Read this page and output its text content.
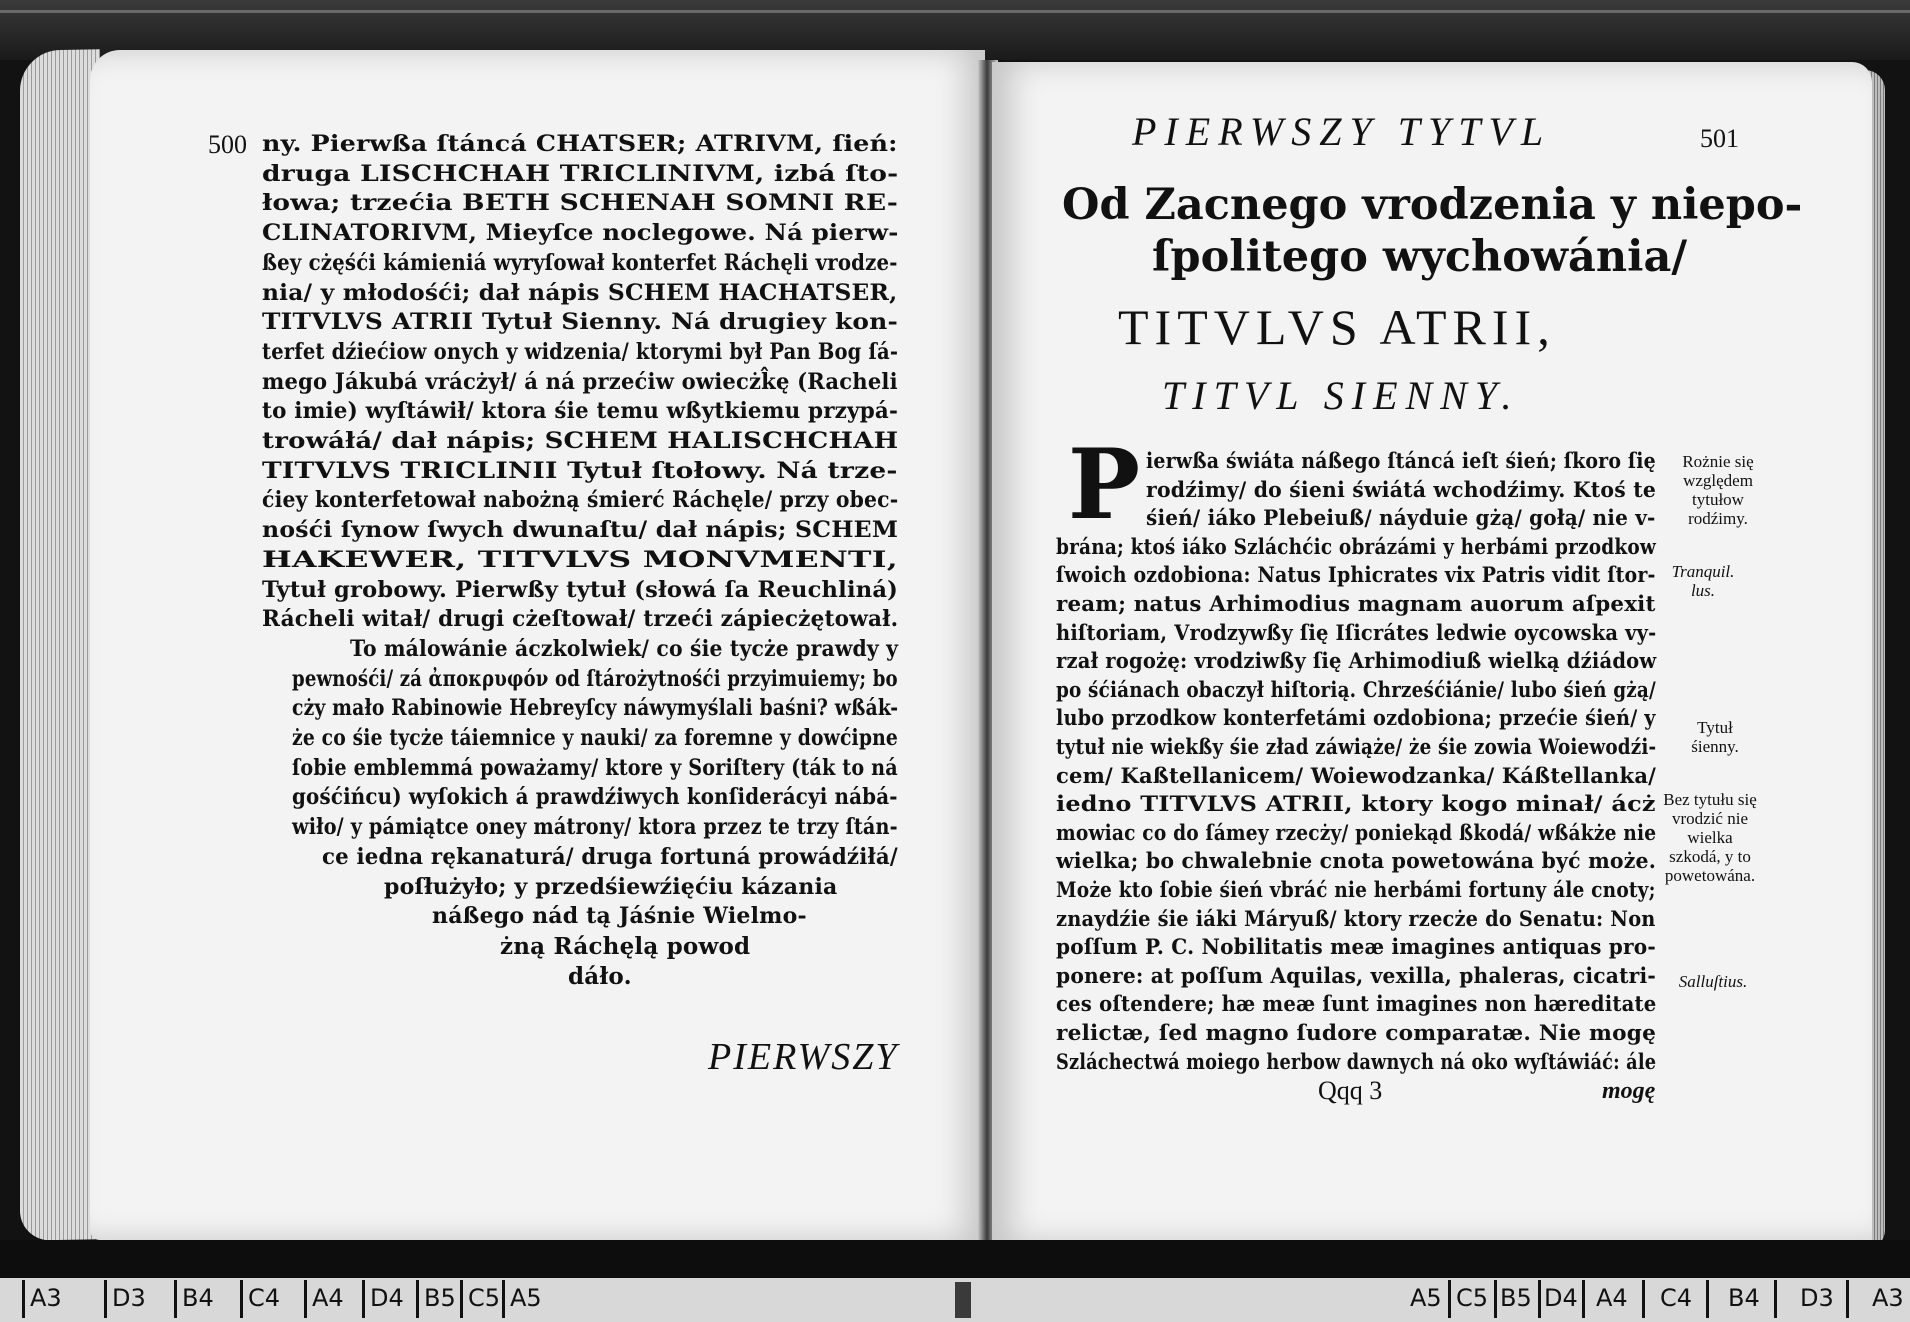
500 ny. Pierwßa ſtáncá CHATSER; ATRIVM, ſień:
druga LISCHCHAH TRICLINIVM, izbá ſto-
łowa; trzećia BETH SCHENAH SOMNI RE-
CLINATORIVM, Mieyſce noclegowe. Ná pierw-
ßey cżęśći kámieniá wyryſował konterfet Ráchęli vrodze-
nia/ y młodośći; dał nápis SCHEM HACHATSER,
TITVLVS ATRII Tytuł Sienny. Ná drugiey kon-
terfet dźiećiow onych y widzenia/ ktorymi był Pan Bog ſá-
mego Jákubá vrácżył/ á ná przećiw owiecżk̂ę (Racheli
to imie) wyſtáwił/ ktora śie temu wßytkiemu przypá-
trowáłá/ dał nápis; SCHEM HALISCHCHAH
TITVLVS TRICLINII Tytuł ſtołowy. Ná trze-
ćiey konterfetował nabożną śmierć Ráchęle/ przy obec-
nośći ſynow ſwych dwunaſtu/ dał nápis; SCHEM
HAKEWER, TITVLVS MONVMENTI,
Tytuł grobowy. Pierwßy tytuł (słowá ſa Reuchliná)
Rácheli witał/ drugi cżeſtował/ trzeći zápiecżętował.
To málowánie áczkolwiek/ co śie tycże prawdy y
pewnośći/ zá ἀποκρυφόν od ſtárożytnośći przyimuiemy; bo
cży mało Rabinowie Hebreyſcy náwymyślali baśni? wßák-
że co śie tycże táiemnice y nauki/ za foremne y dowćipne
ſobie emblemmá poważamy/ ktore y Soriſtery (ták to ná
gośćińcu) wyſokich á prawdźiwych konſiderácyi nábá-
wiło/ y pámiątce oney mátrony/ ktora przez te trzy ſtán-
ce iedna rękanaturá/ druga fortuná prowádźiłá/
poſłużyło; y przedśiewźięćiu kázania
náßego nád tą Jáśnie Wielmo-
żną Ráchęlą powod
dáło.
PIERWSZY
PIERWSZY TYTVL	501
Od Zacnego vrodzenia y niepo-
ſpolitego wychowánia/
TITVLVS ATRII,
TITVL SIENNY.
P ierwßa świáta náßego ſtáncá ieſt śień; ſkoro ſię
rodźimy/ do śieni świátá wchodźimy. Ktoś te
śień/ iáko Plebeiuß/ náyduie gżą/ gołą/ nie v-
brána; ktoś iáko Szláchćic obrázámi y herbámi przodkow
ſwoich ozdobiona: Natus Iphicrates vix Patris vidit ſtor-
ream; natus Arhimodius magnam auorum aſpexit
hiſtoriam, Vrodzywßy ſię Iſicrátes ledwie oycowska vy-
rzał rogożę: vrodziwßy ſię Arhimodiuß wielką dźiádow
po śćiánach obaczył hiſtorią. Chrześćiánie/ lubo śień gżą/
lubo przodkow konterfetámi ozdobiona; przećie śień/ y
tytuł nie wiekßy śie zład záwiąże/ że śie zowia Woiewodźi-
cem/ Kaßtellanicem/ Woiewodzanka/ Káßtellanka/
iedno TITVLVS ATRII, ktory kogo minał/ ácż
mowiac co do ſámey rzecży/ poniekąd ßkodá/ wßákże nie
wielka; bo chwalebnie cnota powetowána być może.
Może kto ſobie śień vbráć nie herbámi fortuny ále cnoty;
znaydźie śie iáki Máryuß/ ktory rzecże do Senatu: Non
poſſum P. C. Nobilitatis meæ imagines antiquas pro-
ponere: at poſſum Aquilas, vexilla, phaleras, cicatri-
ces oſtendere; hæ meæ ſunt imagines non hæreditate
relictæ, ſed magno ſudore comparatæ. Nie mogę
Szláchectwá moiego herbow dawnych ná oko wyſtáwiáć: ále
Qqq 3	mogę
Rożnie się względem tytułow rodźimy.
Tranquil. lus.
Tytuł śienny.
Bez tytułu się vrodzić nie wielka szkodá, y to powetowána.
Salluſtius.
A3 D3 B4 C4 A4 D4 B5 C5 A5	A5 C5 B5 D4 A4 C4 B4 D3 A3
